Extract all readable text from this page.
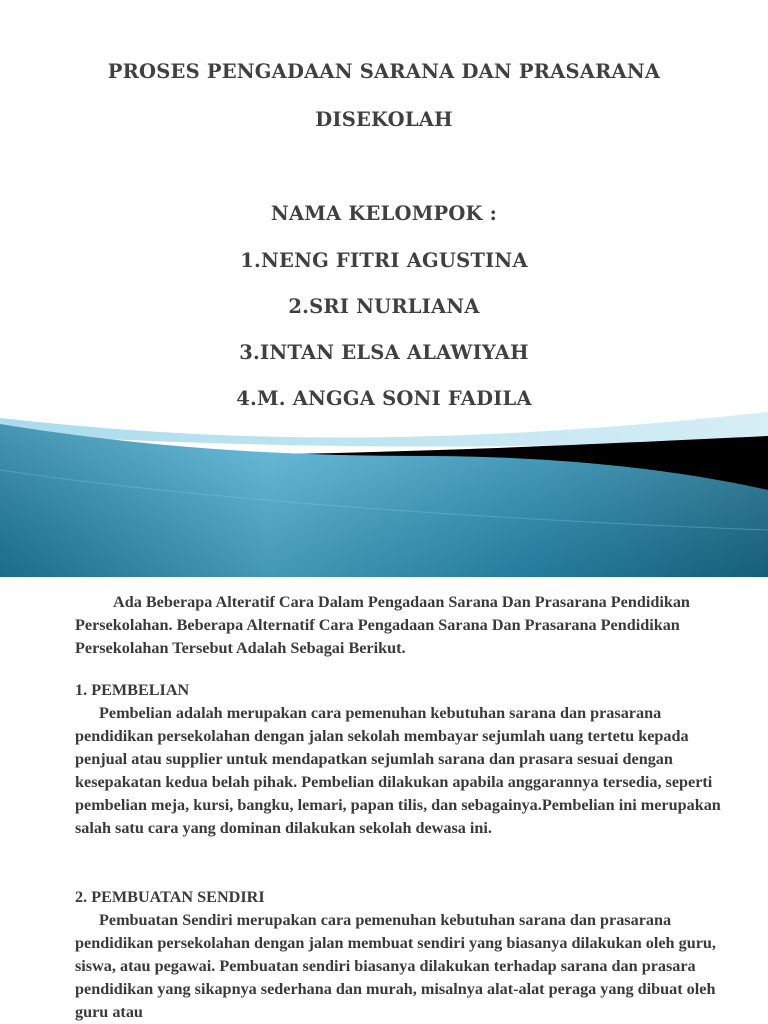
PROSES PENGADAAN SARANA DAN PRASARANA
DISEKOLAH
NAMA KELOMPOK :
1.NENG FITRI AGUSTINA
2.SRI NURLIANA
3.INTAN ELSA ALAWIYAH
4.M. ANGGA SONI FADILA
Ada Beberapa Alteratif Cara Dalam Pengadaan Sarana Dan Prasarana Pendidikan Persekolahan. Beberapa Alternatif Cara Pengadaan Sarana Dan Prasarana Pendidikan Persekolahan Tersebut Adalah Sebagai Berikut.
1. PEMBELIAN
Pembelian adalah merupakan cara pemenuhan kebutuhan sarana dan prasarana pendidikan persekolahan dengan jalan sekolah membayar sejumlah uang tertetu kepada penjual atau supplier untuk mendapatkan sejumlah sarana dan prasara sesuai dengan kesepakatan kedua belah pihak. Pembelian dilakukan apabila anggarannya tersedia, seperti pembelian meja, kursi, bangku, lemari, papan tilis, dan sebagainya.Pembelian ini merupakan salah satu cara yang dominan dilakukan sekolah dewasa ini.
2. PEMBUATAN SENDIRI
Pembuatan Sendiri merupakan cara pemenuhan kebutuhan sarana dan prasarana pendidikan persekolahan dengan jalan membuat sendiri yang biasanya dilakukan oleh guru, siswa, atau pegawai. Pembuatan sendiri biasanya dilakukan terhadap sarana dan prasara pendidikan yang sikapnya sederhana dan murah, misalnya alat-alat peraga yang dibuat oleh guru atau
